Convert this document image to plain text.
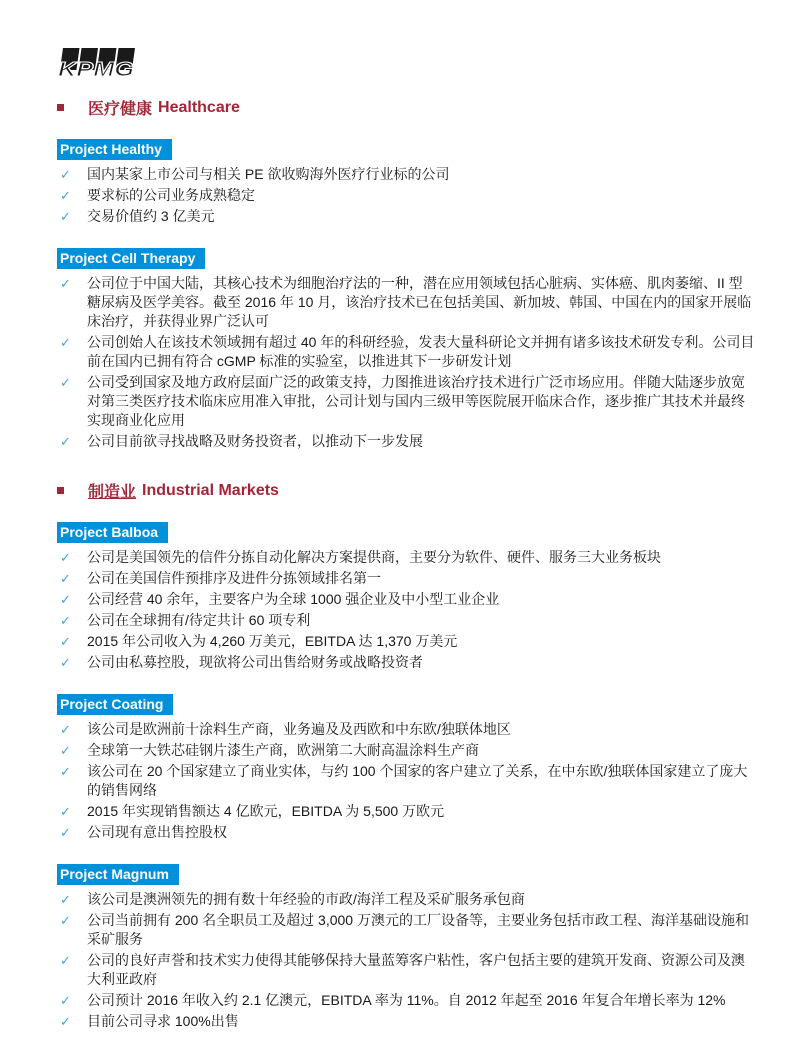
KPMG
医疗健康 Healthcare
Project Healthy
✓	国内某家上市公司与相关 PE 欲收购海外医疗行业标的公司
✓	要求标的公司业务成熟稳定
✓	交易价值约 3 亿美元
Project Cell Therapy
✓	公司位于中国大陆，其核心技术为细胞治疗法的一种，潜在应用领域包括心脏病、实体癌、肌肉萎缩、II 型糖尿病及医学美容。截至 2016 年 10 月，该治疗技术已在包括美国、新加坡、韩国、中国在内的国家开展临床治疗，并获得业界广泛认可
✓	公司创始人在该技术领域拥有超过 40 年的科研经验，发表大量科研论文并拥有诸多该技术研发专利。公司目前在国内已拥有符合 cGMP 标准的实验室，以推进其下一步研发计划
✓	公司受到国家及地方政府层面广泛的政策支持，力图推进该治疗技术进行广泛市场应用。伴随大陆逐步放宽对第三类医疗技术临床应用准入审批，公司计划与国内三级甲等医院展开临床合作，逐步推广其技术并最终实现商业化应用
✓	公司目前欲寻找战略及财务投资者，以推动下一步发展
制造业 Industrial Markets
Project Balboa
✓	公司是美国领先的信件分拣自动化解决方案提供商，主要分为软件、硬件、服务三大业务板块
✓	公司在美国信件预排序及进件分拣领域排名第一
✓	公司经营 40 余年，主要客户为全球 1000 强企业及中小型工业企业
✓	公司在全球拥有/待定共计 60 项专利
✓	2015 年公司收入为 4,260 万美元，EBITDA 达 1,370 万美元
✓	公司由私募控股，现欲将公司出售给财务或战略投资者
Project Coating
✓	该公司是欧洲前十涂料生产商，业务遍及及西欧和中东欧/独联体地区
✓	全球第一大铁芯硅钢片漆生产商，欧洲第二大耐高温涂料生产商
✓	该公司在 20 个国家建立了商业实体，与约 100 个国家的客户建立了关系，在中东欧/独联体国家建立了庞大的销售网络
✓	2015 年实现销售额达 4 亿欧元，EBITDA 为 5,500 万欧元
✓	公司现有意出售控股权
Project Magnum
✓	该公司是澳洲领先的拥有数十年经验的市政/海洋工程及采矿服务承包商
✓	公司当前拥有 200 名全职员工及超过 3,000 万澳元的工厂设备等，主要业务包括市政工程、海洋基础设施和采矿服务
✓	公司的良好声誉和技术实力使得其能够保持大量蓝筹客户粘性，客户包括主要的建筑开发商、资源公司及澳大利亚政府
✓	公司预计 2016 年收入约 2.1 亿澳元，EBITDA 率为 11%。自 2012 年起至 2016 年复合年增长率为 12%
✓	目前公司寻求 100%出售
